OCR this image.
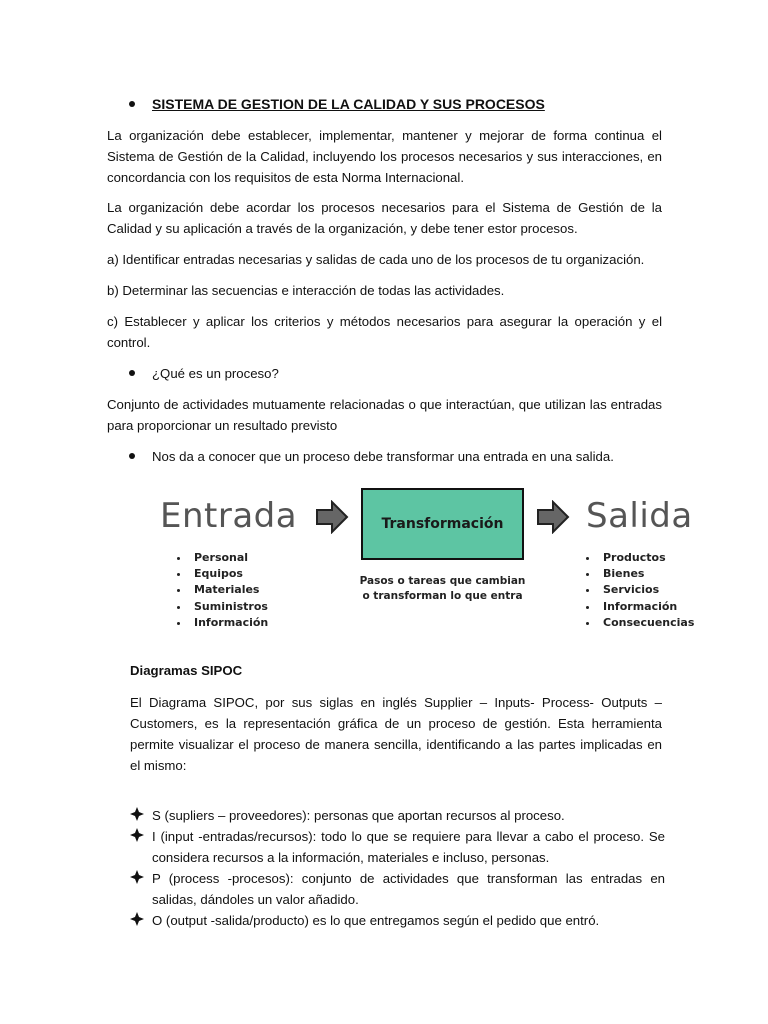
SISTEMA DE GESTION DE LA CALIDAD Y SUS PROCESOS

La organización debe establecer, implementar, mantener y mejorar de forma continua el Sistema de Gestión de la Calidad, incluyendo los procesos necesarios y sus interacciones, en concordancia con los requisitos de esta Norma Internacional.

La organización debe acordar los procesos necesarios para el Sistema de Gestión de la Calidad y su aplicación a través de la organización, y debe tener estor procesos.

a) Identificar entradas necesarias y salidas de cada uno de los procesos de tu organización.

b) Determinar las secuencias e interacción de todas las actividades.

c) Establecer y aplicar los criterios y métodos necesarios para asegurar la operación y el control.

¿Qué es un proceso?

Conjunto de actividades mutuamente relacionadas o que interactúan, que utilizan las entradas para proporcionar un resultado previsto

Nos da a conocer que un proceso debe transformar una entrada en una salida.
Entrada	Transformación	Salida
Personal
Equipos
Materiales
Suministros
Información
Pasos o tareas que cambian
o transforman lo que entra
Productos
Bienes
Servicios
Información
Consecuencias
Diagramas SIPOC

El Diagrama SIPOC, por sus siglas en inglés Supplier – Inputs- Process- Outputs – Customers, es la representación gráfica de un proceso de gestión. Esta herramienta permite visualizar el proceso de manera sencilla, identificando a las partes implicadas en el mismo:

S (supliers – proveedores): personas que aportan recursos al proceso.
I (input -entradas/recursos): todo lo que se requiere para llevar a cabo el proceso. Se considera recursos a la información, materiales e incluso, personas.
P (process -procesos): conjunto de actividades que transforman las entradas en salidas, dándoles un valor añadido.
O (output -salida/producto) es lo que entregamos según el pedido que entró.
